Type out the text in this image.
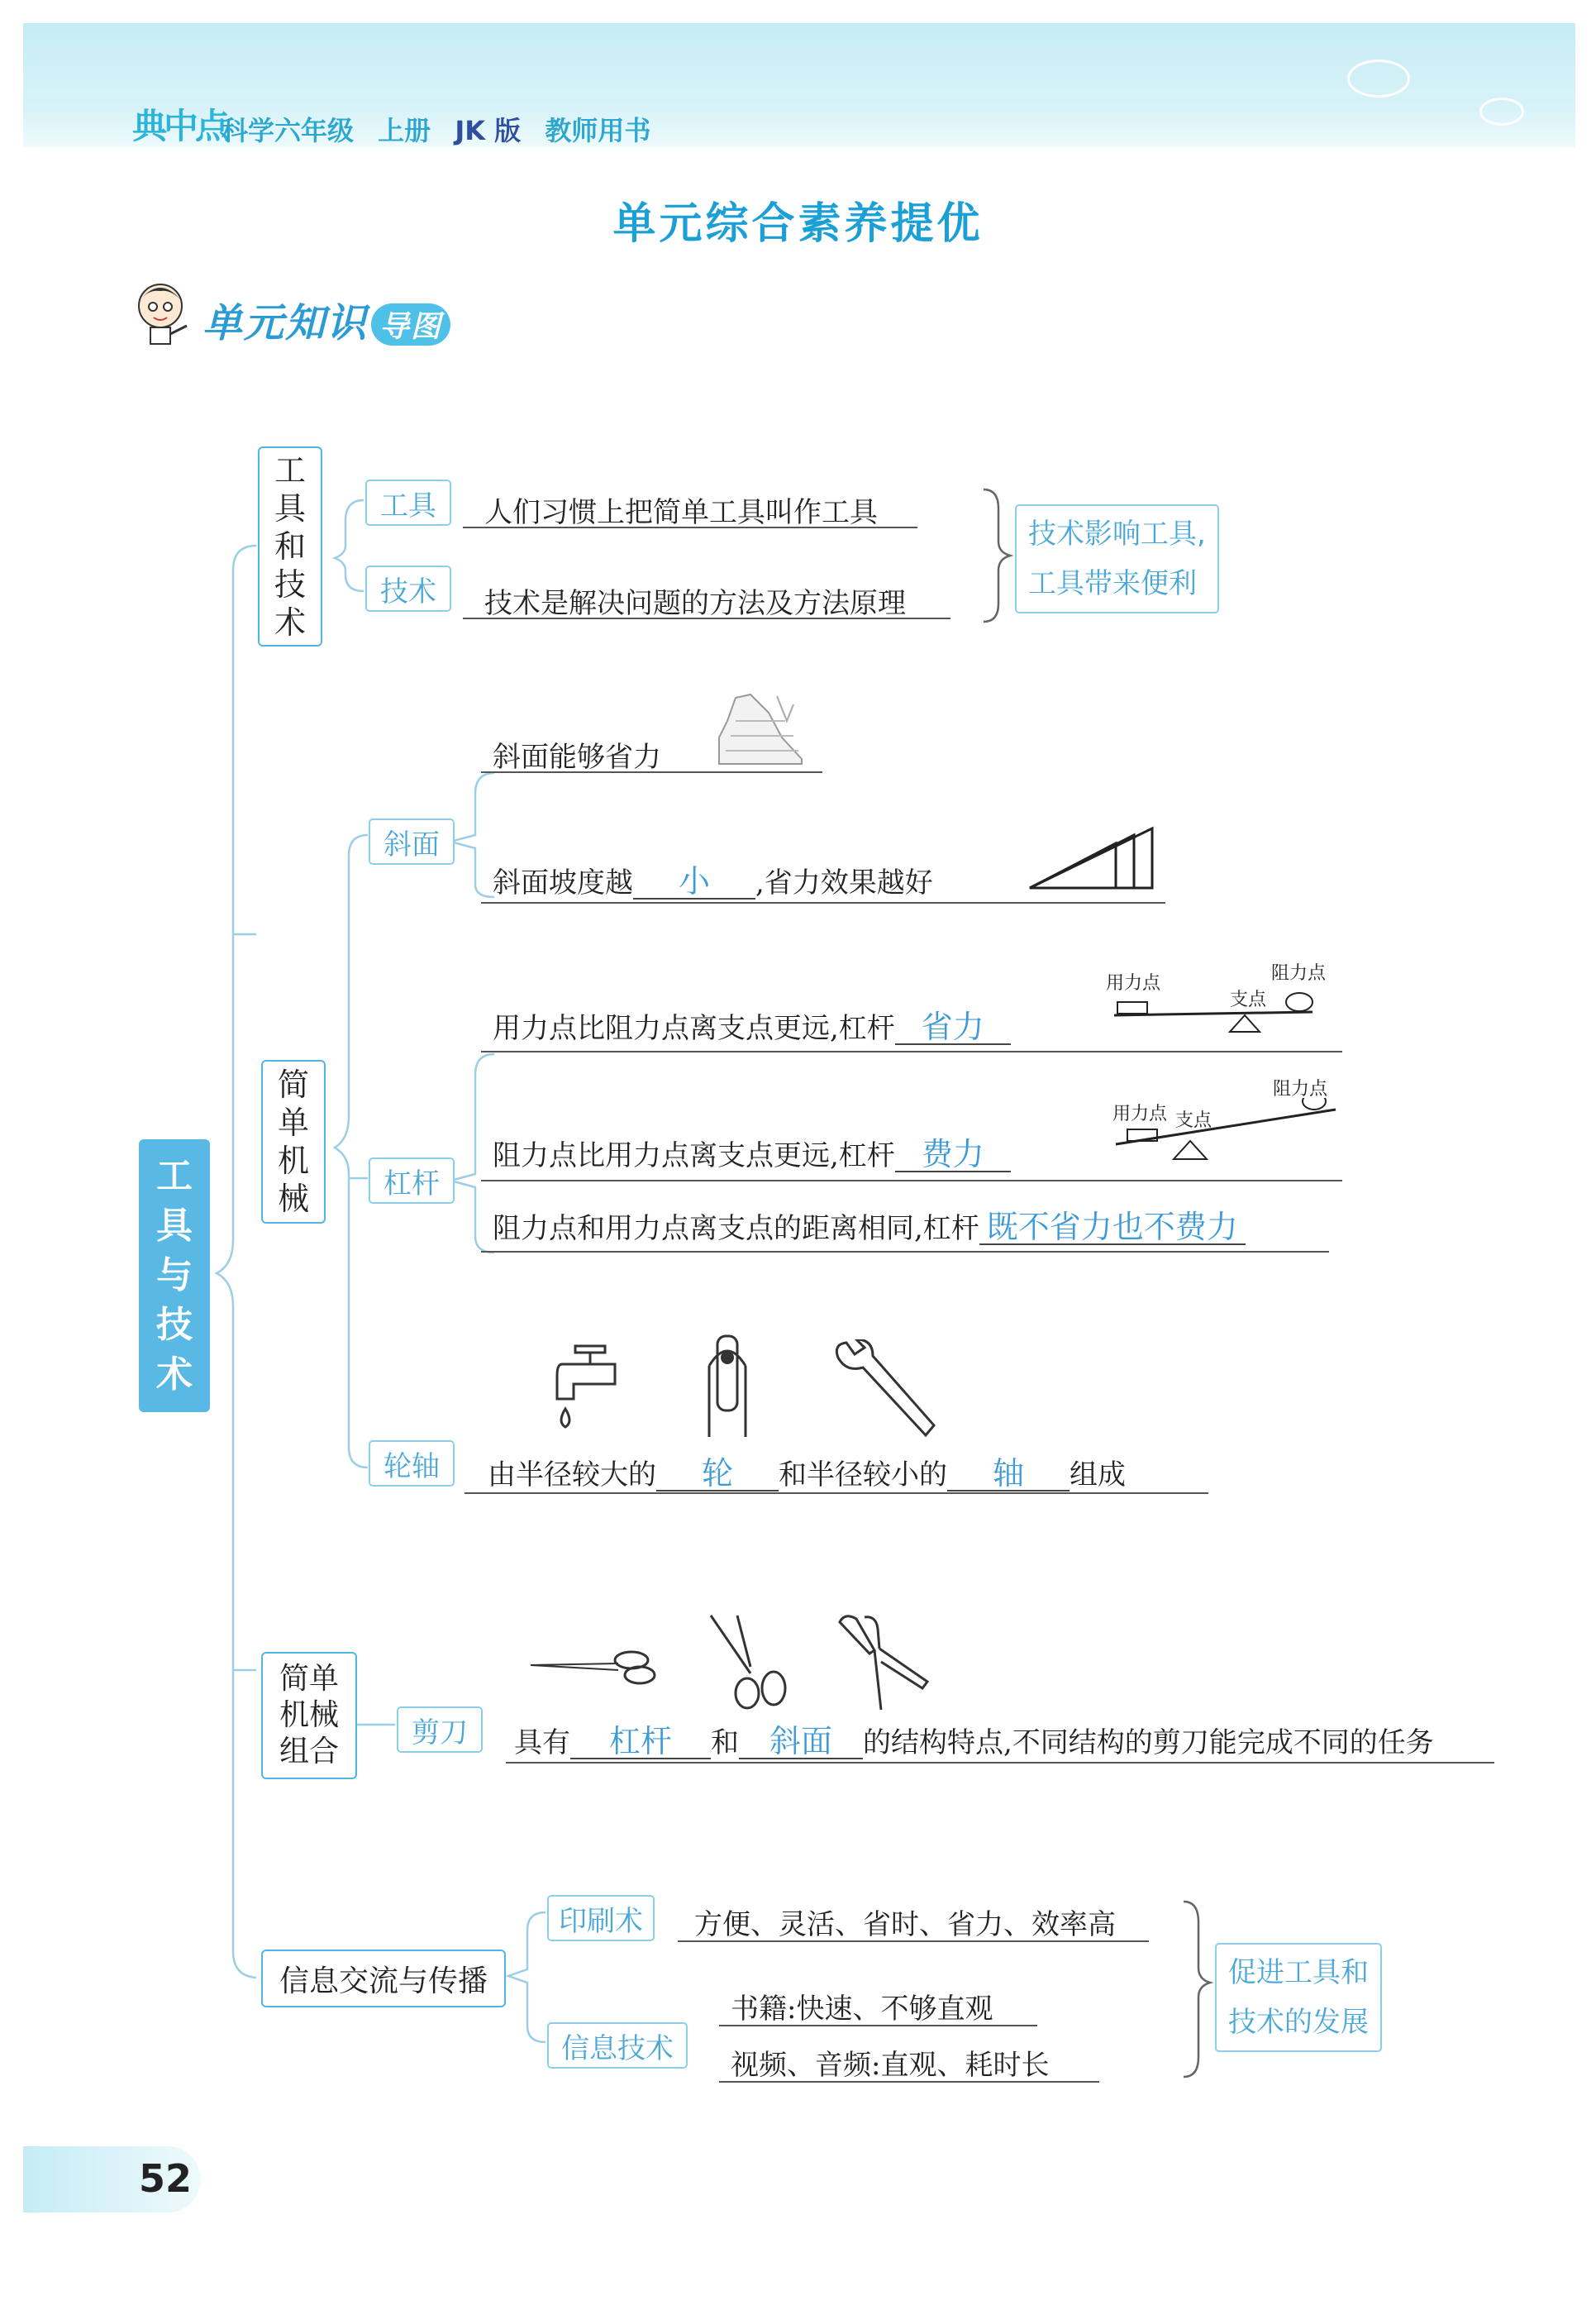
典中点
科学六年级 上册 JK 版 教师用书
单元综合素养提优
单元知识 导图
工
具
与
技
术
工
具
和
技
术
工具	人们习惯上把简单工具叫作工具
技术	技术是解决问题的方法及方法原理
技术影响工具,
工具带来便利
简
单
机
械
斜面
斜面能够省力
斜面坡度越 小 ,省力效果越好
杠杆
用力点比阻力点离支点更远,杠杆 省力
阻力点比用力点离支点更远,杠杆 费力
阻力点和用力点离支点的距离相同,杠杆 既不省力也不费力
用力点
支点
阻力点
阻力点
用力点 支点
轮轴	由半径较大的 轮 和半径较小的 轴 组成
简单
机械
组合
剪刀	具有 杠杆 和 斜面 的结构特点,不同结构的剪刀能完成不同的任务
信息交流与传播
印刷术	方便、灵活、省时、省力、效率高
信息技术
书籍:快速、不够直观
视频、音频:直观、耗时长
促进工具和
技术的发展
52
